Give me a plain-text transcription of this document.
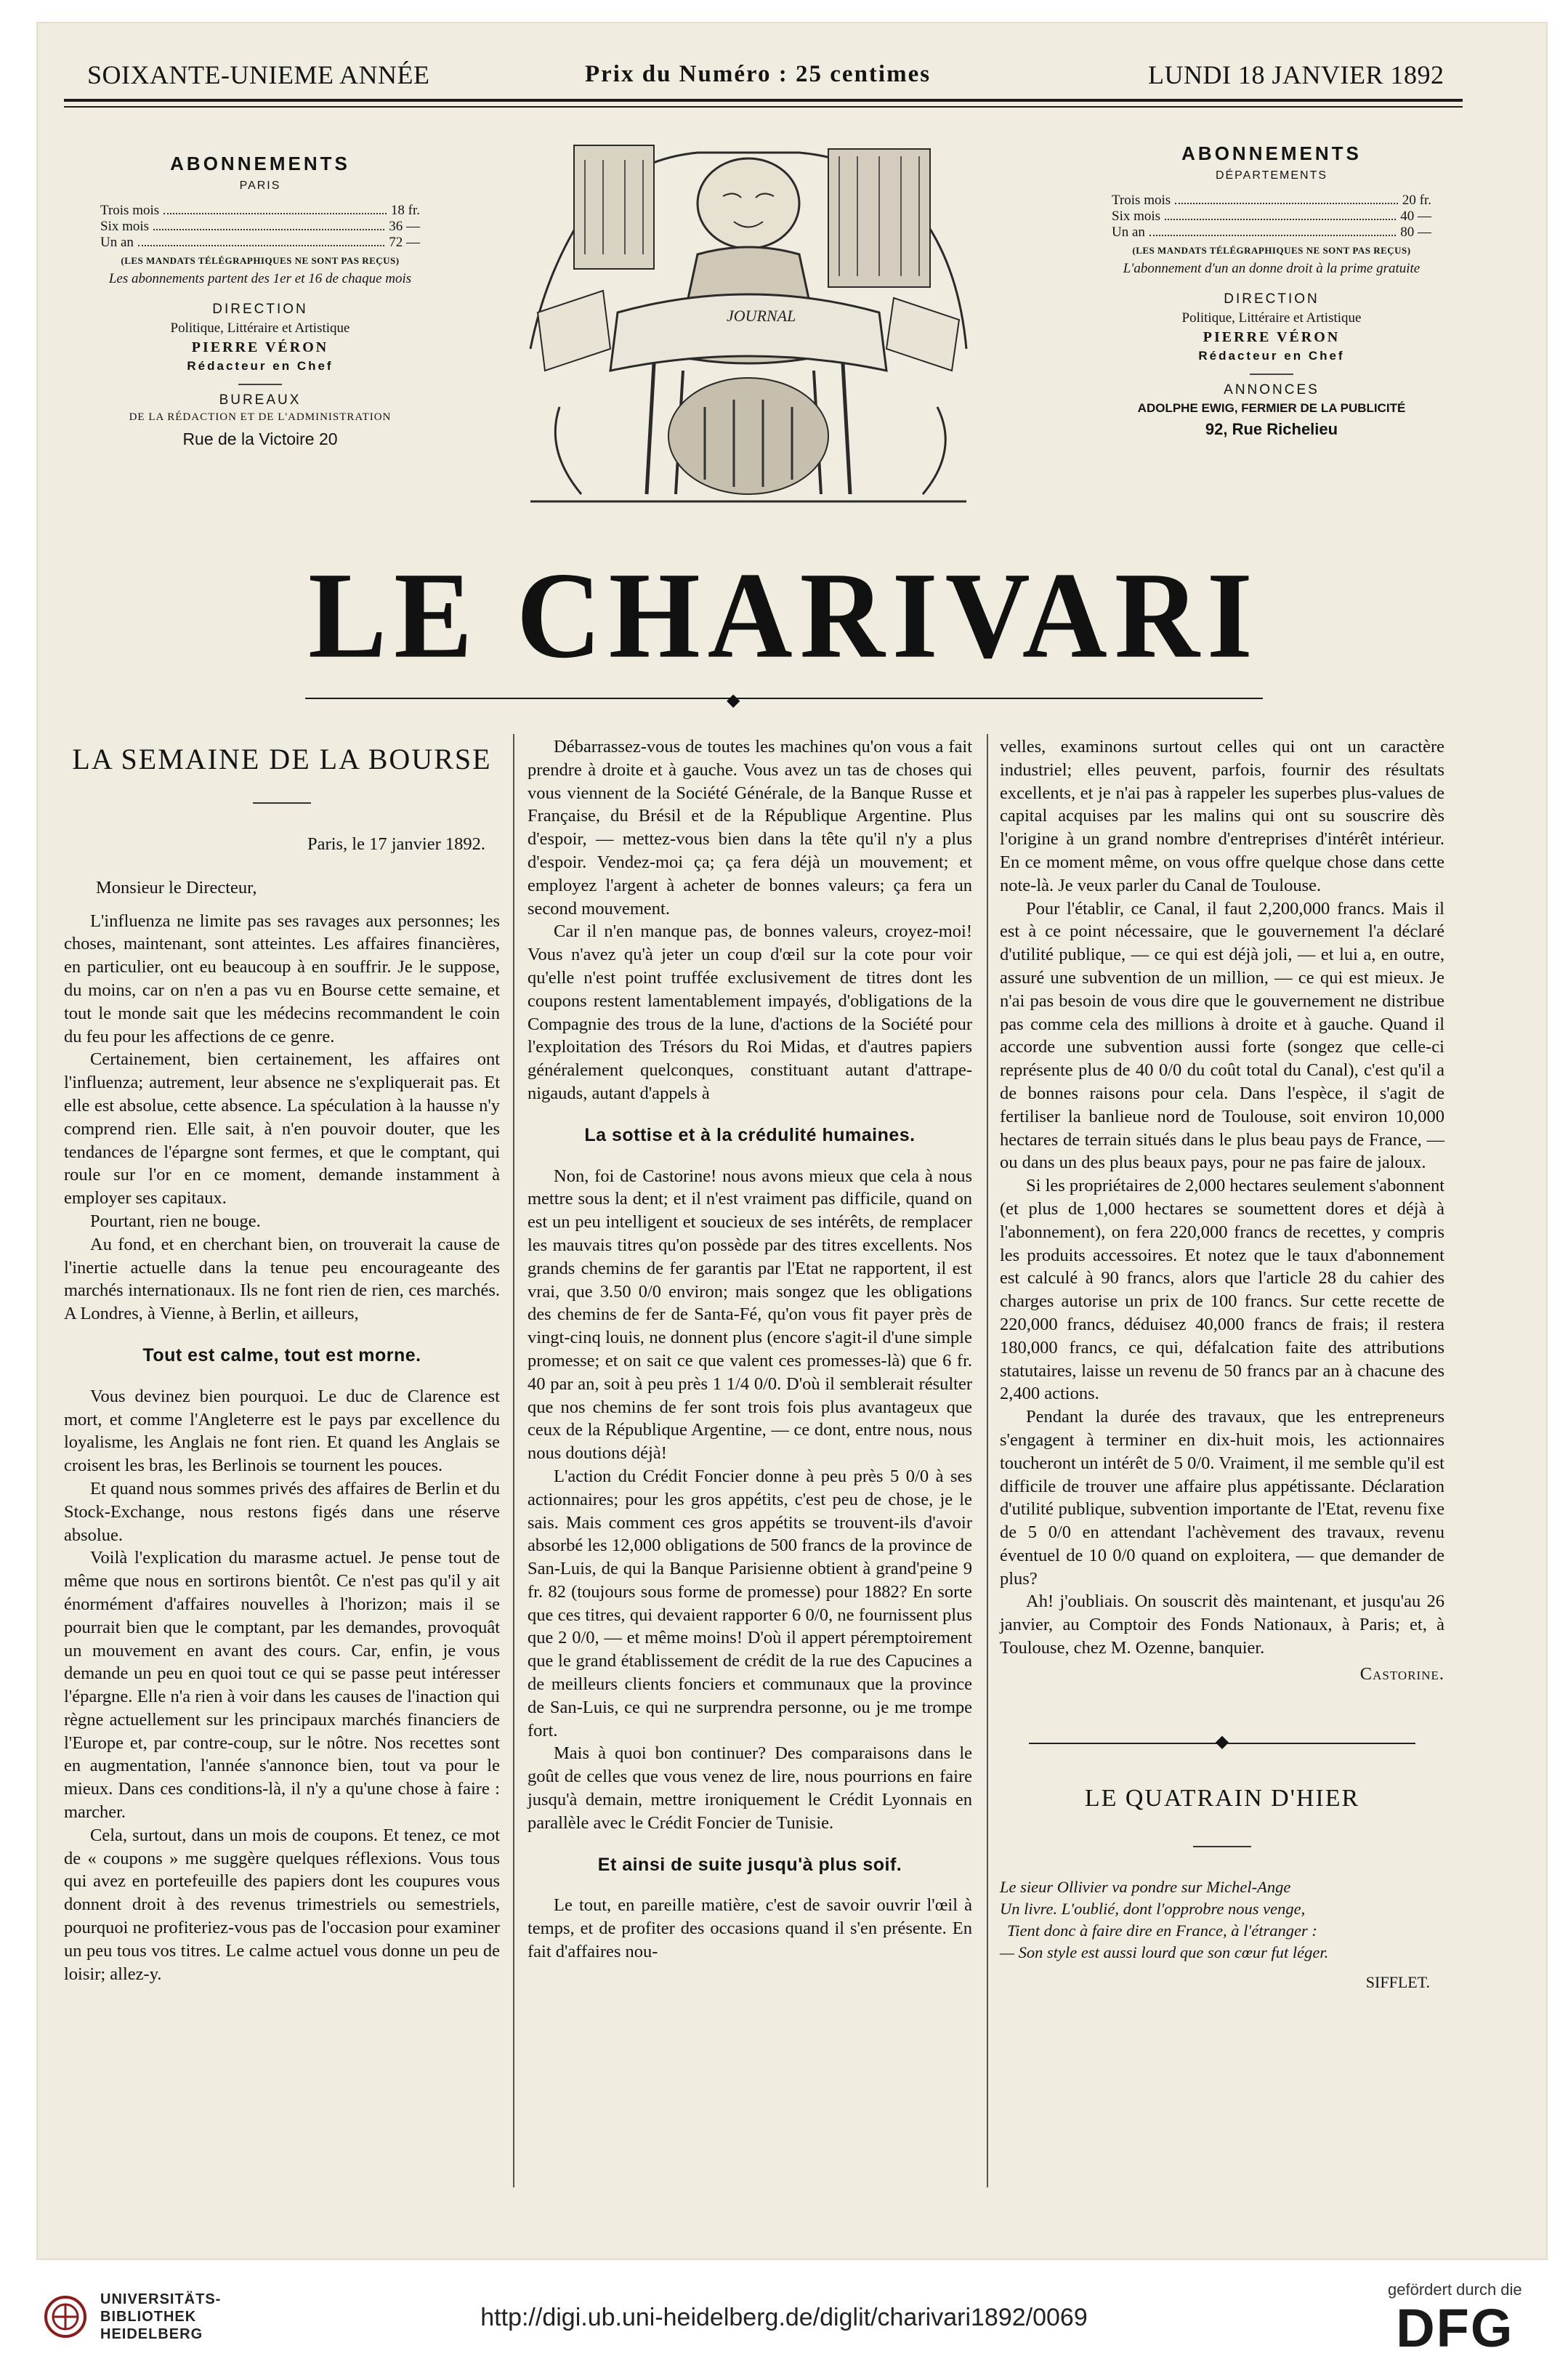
SOIXANTE-UNIEME ANNÉE	Prix du Numéro : 25 centimes	LUNDI 18 JANVIER 1892
ABONNEMENTS
PARIS
Trois mois	18 fr.
Six mois	36 —
Un an	72 —
(LES MANDATS TÉLÉGRAPHIQUES NE SONT PAS REÇUS)
Les abonnements partent des 1er et 16 de chaque mois
DIRECTION
Politique, Littéraire et Artistique
PIERRE VÉRON
Rédacteur en Chef
BUREAUX
DE LA RÉDACTION ET DE L'ADMINISTRATION
Rue de la Victoire 20
ABONNEMENTS
DÉPARTEMENTS
Trois mois	20 fr.
Six mois	40 —
Un an	80 —
(LES MANDATS TÉLÉGRAPHIQUES NE SONT PAS REÇUS)
L'abonnement d'un an donne droit à la prime gratuite
DIRECTION
Politique, Littéraire et Artistique
PIERRE VÉRON
Rédacteur en Chef
ANNONCES
ADOLPHE EWIG, FERMIER DE LA PUBLICITÉ
92, Rue Richelieu
JOURNAL
LE CHARIVARI
◆
LA SEMAINE DE LA BOURSE

Paris, le 17 janvier 1892.

Monsieur le Directeur,

L'influenza ne limite pas ses ravages aux personnes; les choses, maintenant, sont atteintes. Les affaires financières, en particulier, ont eu beaucoup à en souffrir. Je le suppose, du moins, car on n'en a pas vu en Bourse cette semaine, et tout le monde sait que les médecins recommandent le coin du feu pour les affections de ce genre.

Certainement, bien certainement, les affaires ont l'influenza; autrement, leur absence ne s'expliquerait pas. Et elle est absolue, cette absence. La spéculation à la hausse n'y comprend rien. Elle sait, à n'en pouvoir douter, que les tendances de l'épargne sont fermes, et que le comptant, qui roule sur l'or en ce moment, demande instamment à employer ses capitaux.

Pourtant, rien ne bouge.

Au fond, et en cherchant bien, on trouverait la cause de l'inertie actuelle dans la tenue peu encourageante des marchés internationaux. Ils ne font rien de rien, ces marchés. A Londres, à Vienne, à Berlin, et ailleurs,

Tout est calme, tout est morne.

Vous devinez bien pourquoi. Le duc de Clarence est mort, et comme l'Angleterre est le pays par excellence du loyalisme, les Anglais ne font rien. Et quand les Anglais se croisent les bras, les Berlinois se tournent les pouces.

Et quand nous sommes privés des affaires de Berlin et du Stock-Exchange, nous restons figés dans une réserve absolue.

Voilà l'explication du marasme actuel. Je pense tout de même que nous en sortirons bientôt. Ce n'est pas qu'il y ait énormément d'affaires nouvelles à l'horizon; mais il se pourrait bien que le comptant, par les demandes, provoquât un mouvement en avant des cours. Car, enfin, je vous demande un peu en quoi tout ce qui se passe peut intéresser l'épargne. Elle n'a rien à voir dans les causes de l'inaction qui règne actuellement sur les principaux marchés financiers de l'Europe et, par contre-coup, sur le nôtre. Nos recettes sont en augmentation, l'année s'annonce bien, tout va pour le mieux. Dans ces conditions-là, il n'y a qu'une chose à faire : marcher.

Cela, surtout, dans un mois de coupons. Et tenez, ce mot de « coupons » me suggère quelques réflexions. Vous tous qui avez en portefeuille des papiers dont les coupures vous donnent droit à des revenus trimestriels ou semestriels, pourquoi ne profiteriez-vous pas de l'occasion pour examiner un peu tous vos titres. Le calme actuel vous donne un peu de loisir; allez-y.

Débarrassez-vous de toutes les machines qu'on vous a fait prendre à droite et à gauche. Vous avez un tas de choses qui vous viennent de la Société Générale, de la Banque Russe et Française, du Brésil et de la République Argentine. Plus d'espoir, — mettez-vous bien dans la tête qu'il n'y a plus d'espoir. Vendez-moi ça; ça fera déjà un mouvement; et employez l'argent à acheter de bonnes valeurs; ça fera un second mouvement.

Car il n'en manque pas, de bonnes valeurs, croyez-moi! Vous n'avez qu'à jeter un coup d'œil sur la cote pour voir qu'elle n'est point truffée exclusivement de titres dont les coupons restent lamentablement impayés, d'obligations de la Compagnie des trous de la lune, d'actions de la Société pour l'exploitation des Trésors du Roi Midas, et d'autres papiers généralement quelconques, constituant autant d'attrape-nigauds, autant d'appels à

La sottise et à la crédulité humaines.

Non, foi de Castorine! nous avons mieux que cela à nous mettre sous la dent; et il n'est vraiment pas difficile, quand on est un peu intelligent et soucieux de ses intérêts, de remplacer les mauvais titres qu'on possède par des titres excellents. Nos grands chemins de fer garantis par l'Etat ne rapportent, il est vrai, que 3.50 0/0 environ; mais songez que les obligations des chemins de fer de Santa-Fé, qu'on vous fit payer près de vingt-cinq louis, ne donnent plus (encore s'agit-il d'une simple promesse; et on sait ce que valent ces promesses-là) que 6 fr. 40 par an, soit à peu près 1 1/4 0/0. D'où il semblerait résulter que nos chemins de fer sont trois fois plus avantageux que ceux de la République Argentine, — ce dont, entre nous, nous nous doutions déjà!

L'action du Crédit Foncier donne à peu près 5 0/0 à ses actionnaires; pour les gros appétits, c'est peu de chose, je le sais. Mais comment ces gros appétits se trouvent-ils d'avoir absorbé les 12,000 obligations de 500 francs de la province de San-Luis, de qui la Banque Parisienne obtient à grand'peine 9 fr. 82 (toujours sous forme de promesse) pour 1882? En sorte que ces titres, qui devaient rapporter 6 0/0, ne fournissent plus que 2 0/0, — et même moins! D'où il appert péremptoirement que le grand établissement de crédit de la rue des Capucines a de meilleurs clients fonciers et communaux que la province de San-Luis, ce qui ne surprendra personne, ou je me trompe fort.

Mais à quoi bon continuer? Des comparaisons dans le goût de celles que vous venez de lire, nous pourrions en faire jusqu'à demain, mettre ironiquement le Crédit Lyonnais en parallèle avec le Crédit Foncier de Tunisie.

Et ainsi de suite jusqu'à plus soif.

Le tout, en pareille matière, c'est de savoir ouvrir l'œil à temps, et de profiter des occasions quand il s'en présente. En fait d'affaires nou-

velles, examinons surtout celles qui ont un caractère industriel; elles peuvent, parfois, fournir des résultats excellents, et je n'ai pas à rappeler les superbes plus-values de capital acquises par les malins qui ont su souscrire dès l'origine à un grand nombre d'entreprises d'intérêt intérieur. En ce moment même, on vous offre quelque chose dans cette note-là. Je veux parler du Canal de Toulouse.

Pour l'établir, ce Canal, il faut 2,200,000 francs. Mais il est à ce point nécessaire, que le gouvernement l'a déclaré d'utilité publique, — ce qui est déjà joli, — et lui a, en outre, assuré une subvention de un million, — ce qui est mieux. Je n'ai pas besoin de vous dire que le gouvernement ne distribue pas comme cela des millions à droite et à gauche. Quand il accorde une subvention aussi forte (songez que celle-ci représente plus de 40 0/0 du coût total du Canal), c'est qu'il a de bonnes raisons pour cela. Dans l'espèce, il s'agit de fertiliser la banlieue nord de Toulouse, soit environ 10,000 hectares de terrain situés dans le plus beau pays de France, — ou dans un des plus beaux pays, pour ne pas faire de jaloux.

Si les propriétaires de 2,000 hectares seulement s'abonnent (et plus de 1,000 hectares se soumettent dores et déjà à l'abonnement), on fera 220,000 francs de recettes, y compris les produits accessoires. Et notez que le taux d'abonnement est calculé à 90 francs, alors que l'article 28 du cahier des charges autorise un prix de 100 francs. Sur cette recette de 220,000 francs, déduisez 40,000 francs de frais; il restera 180,000 francs, ce qui, défalcation faite des attributions statutaires, laisse un revenu de 50 francs par an à chacune des 2,400 actions.

Pendant la durée des travaux, que les entrepreneurs s'engagent à terminer en dix-huit mois, les actionnaires toucheront un intérêt de 5 0/0. Vraiment, il me semble qu'il est difficile de trouver une affaire plus appétissante. Déclaration d'utilité publique, subvention importante de l'Etat, revenu fixe de 5 0/0 en attendant l'achèvement des travaux, revenu éventuel de 10 0/0 quand on exploitera, — que demander de plus?

Ah! j'oubliais. On souscrit dès maintenant, et jusqu'au 26 janvier, au Comptoir des Fonds Nationaux, à Paris; et, à Toulouse, chez M. Ozenne, banquier.

Castorine.

◆
LE QUATRAIN D'HIER
Le sieur Ollivier va pondre sur Michel-Ange
Un livre. L'oublié, dont l'opprobre nous venge,
Tient donc à faire dire en France, à l'étranger :
— Son style est aussi lourd que son cœur fut léger.

SIFFLET.

UNIVERSITÄTS-
BIBLIOTHEK
HEIDELBERG
http://digi.ub.uni-heidelberg.de/diglit/charivari1892/0069
gefördert durch die
DFG
